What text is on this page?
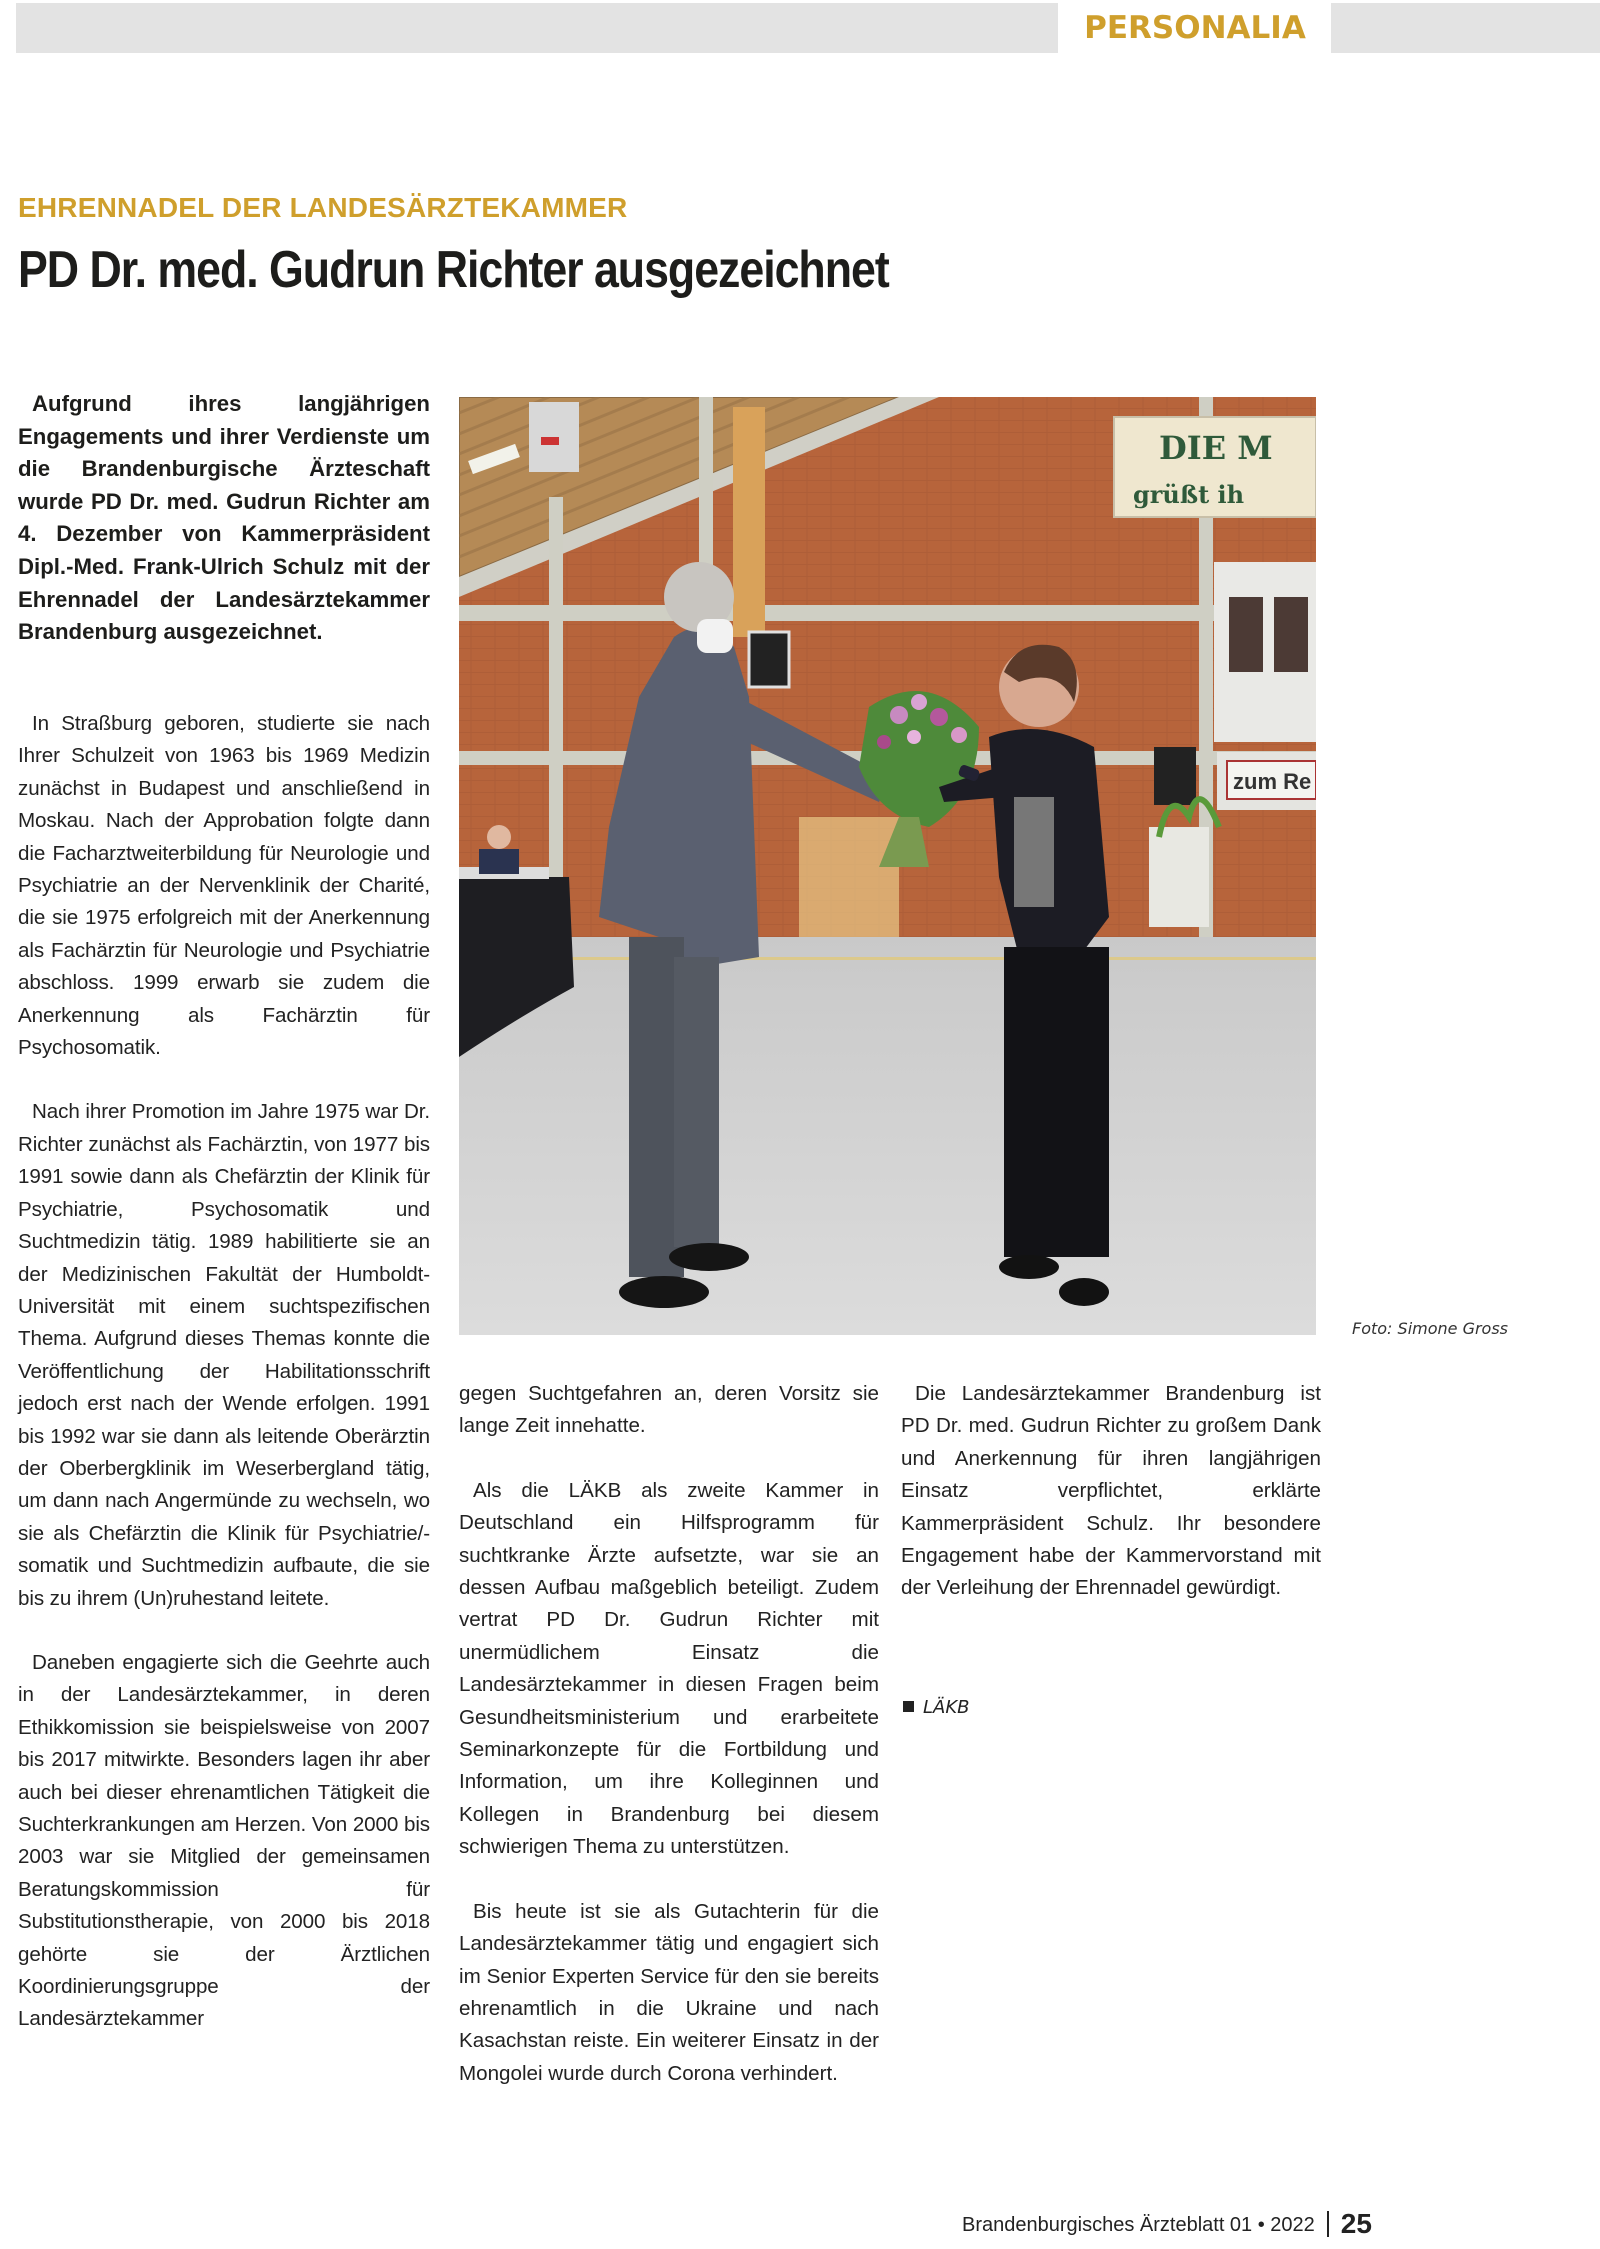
PERSONALIA
EHRENNADEL DER LANDESÄRZTEKAMMER
PD Dr. med. Gudrun Richter ausgezeichnet

Aufgrund ihres langjährigen Engagements und ihrer Verdienste um die Brandenburgische Ärzteschaft wurde PD Dr. med. Gudrun Richter am 4. Dezember von Kammerpräsident Dipl.-Med. Frank-Ulrich Schulz mit der Ehrennadel der Landesärztekammer Brandenburg ausgezeichnet.

In Straßburg geboren, studierte sie nach Ihrer Schulzeit von 1963 bis 1969 Medizin zunächst in Budapest und anschließend in Moskau. Nach der Approbation folgte dann die Facharztweiterbildung für Neurologie und Psychiatrie an der Nervenklinik der Charité, die sie 1975 erfolgreich mit der Anerkennung als Fachärztin für Neurologie und Psychiatrie abschloss. 1999 erwarb sie zudem die Anerkennung als Fachärztin für Psychosomatik.

Nach ihrer Promotion im Jahre 1975 war Dr. Richter zunächst als Fachärztin, von 1977 bis 1991 sowie dann als Chefärztin der Klinik für Psychiatrie, Psychosomatik und Suchtmedizin tätig. 1989 habilitierte sie an der Medizinischen Fakultät der Humboldt-Universität mit einem suchtspezifischen Thema. Aufgrund dieses Themas konnte die Veröffentlichung der Habilitationsschrift jedoch erst nach der Wende erfolgen. 1991 bis 1992 war sie dann als leitende Oberärztin der Oberbergklinik im Weserbergland tätig, um dann nach Angermünde zu wechseln, wo sie als Chefärztin die Klinik für Psychiatrie/-somatik und Suchtmedizin aufbaute, die sie bis zu ihrem (Un)ruhestand leitete.

Daneben engagierte sich die Geehrte auch in der Landesärztekammer, in deren Ethikkomission sie beispielsweise von 2007 bis 2017 mitwirkte. Besonders lagen ihr aber auch bei dieser ehrenamtlichen Tätigkeit die Suchterkrankungen am Herzen. Von 2000 bis 2003 war sie Mitglied der gemeinsamen Beratungskommission für Substitutionstherapie, von 2000 bis 2018 gehörte sie der Ärztlichen Koordinierungsgruppe der Landesärztekammer

DIE M
grüßt ih
zum Re
Foto: Simone Gross

gegen Suchtgefahren an, deren Vorsitz sie lange Zeit innehatte.

Als die LÄKB als zweite Kammer in Deutschland ein Hilfsprogramm für suchtkranke Ärzte aufsetzte, war sie an dessen Aufbau maßgeblich beteiligt. Zudem vertrat PD Dr. Gudrun Richter mit unermüdlichem Einsatz die Landesärztekammer in diesen Fragen beim Gesundheitsministerium und erarbeitete Seminarkonzepte für die Fortbildung und Information, um ihre Kolleginnen und Kollegen in Brandenburg bei diesem schwierigen Thema zu unterstützen.

Bis heute ist sie als Gutachterin für die Landesärztekammer tätig und engagiert sich im Senior Experten Service für den sie bereits ehrenamtlich in die Ukraine und nach Kasachstan reiste. Ein weiterer Einsatz in der Mongolei wurde durch Corona verhindert.

Die Landesärztekammer Brandenburg ist PD Dr. med. Gudrun Richter zu großem Dank und Anerkennung für ihren langjährigen Einsatz verpflichtet, erklärte Kammerpräsident Schulz. Ihr besondere Engagement habe der Kammervorstand mit der Verleihung der Ehrennadel gewürdigt.

LÄKB
Brandenburgisches Ärzteblatt 01 • 2022 25
